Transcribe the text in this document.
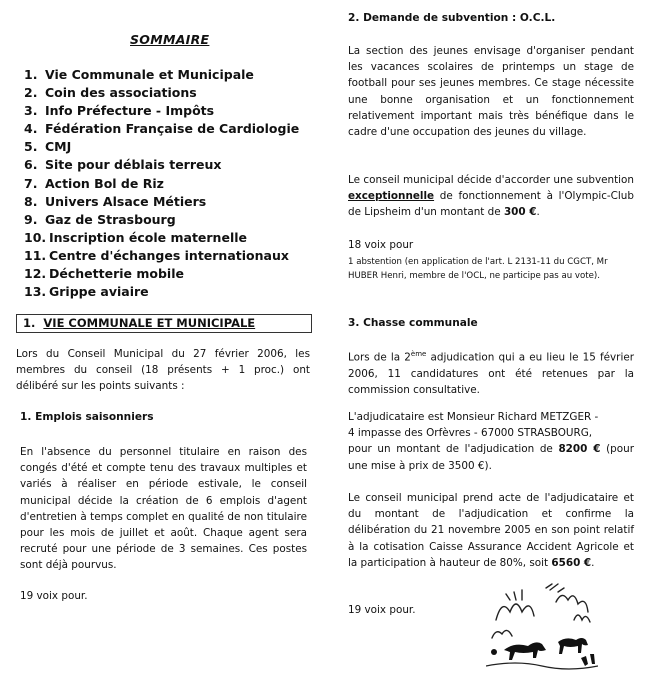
SOMMAIRE
1. Vie Communale et Municipale
2. Coin des associations
3. Info Préfecture - Impôts
4. Fédération Française de Cardiologie
5. CMJ
6. Site pour déblais terreux
7. Action Bol de Riz
8. Univers Alsace Métiers
9. Gaz de Strasbourg
10. Inscription école maternelle
11. Centre d'échanges internationaux
12. Déchetterie mobile
13. Grippe aviaire
1. VIE COMMUNALE ET MUNICIPALE

Lors du Conseil Municipal du 27 février 2006, les membres du conseil (18 présents + 1 proc.) ont délibéré sur les points suivants :

1. Emplois saisonniers

En l'absence du personnel titulaire en raison des congés d'été et compte tenu des travaux multiples et variés à réaliser en période estivale, le conseil municipal décide la création de 6 emplois d'agent d'entretien à temps complet en qualité de non titulaire pour les mois de juillet et août. Chaque agent sera recruté pour une période de 3 semaines. Ces postes sont déjà pourvus.

19 voix pour.
2. Demande de subvention : O.C.L.

La section des jeunes envisage d'organiser pendant les vacances scolaires de printemps un stage de football pour ses jeunes membres. Ce stage nécessite une bonne organisation et un fonctionnement relativement important mais très bénéfique dans le cadre d'une occupation des jeunes du village.

Le conseil municipal décide d'accorder une subvention exceptionnelle de fonctionnement à l'Olympic-Club de Lipsheim d'un montant de 300 €.

18 voix pour

1 abstention (en application de l'art. L 2131-11 du CGCT, Mr HUBER Henri, membre de l'OCL, ne participe pas au vote).

3. Chasse communale

Lors de la 2ème adjudication qui a eu lieu le 15 février 2006, 11 candidatures ont été retenues par la commission consultative.

L'adjudicataire est Monsieur Richard METZGER -
4 impasse des Orfèvres - 67000 STRASBOURG,
pour un montant de l'adjudication de 8200 € (pour une mise à prix de 3500 €).

Le conseil municipal prend acte de l'adjudicataire et du montant de l'adjudication et confirme la délibération du 21 novembre 2005 en son point relatif à la cotisation Caisse Assurance Accident Agricole et la participation à hauteur de 80%, soit 6560 €.

19 voix pour.
